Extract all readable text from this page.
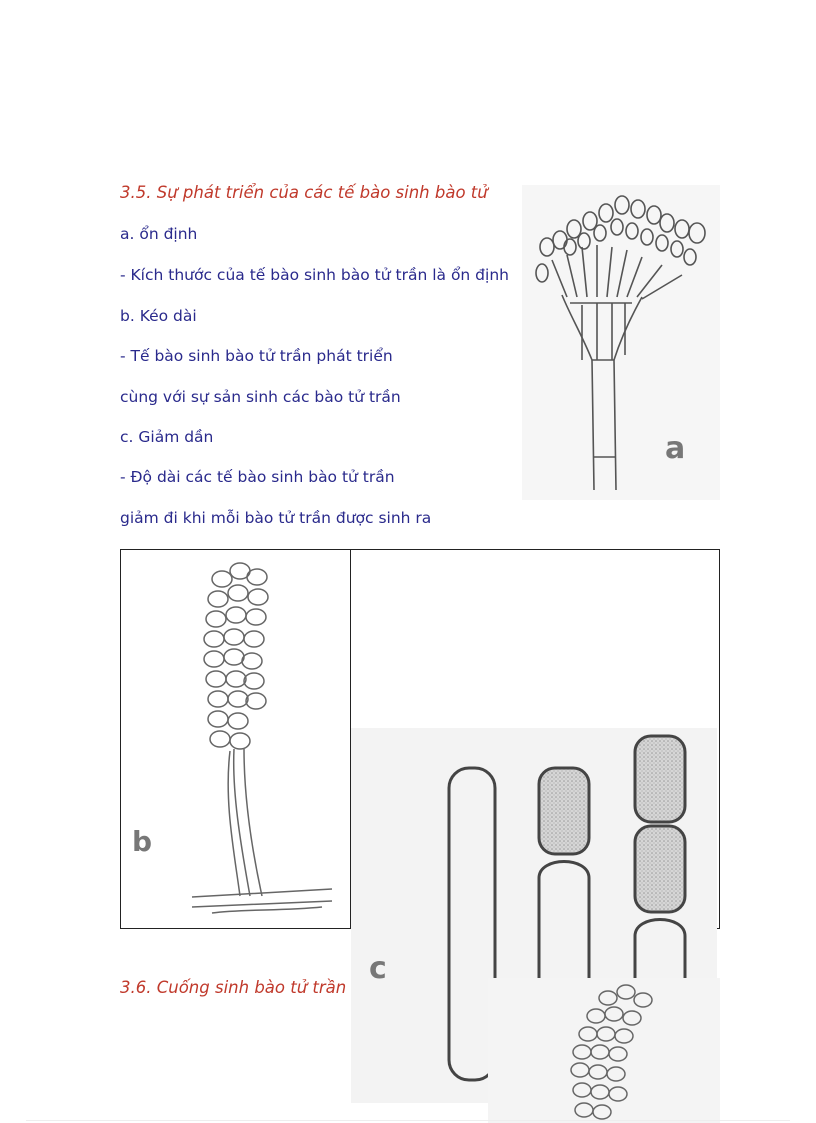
3.5. Sự phát triển của các tế bào sinh bào tử
a. ổn định
- Kích thước của tế bào sinh bào tử trần là ổn định
b. Kéo dài
- Tế bào sinh bào tử trần phát triển
cùng với sự sản sinh các bào tử trần
c. Giảm dần
- Độ dài các tế bào sinh bào tử trần
giảm đi khi mỗi bào tử trần được sinh ra
a
b
c
3.6. Cuống sinh bào tử trần
